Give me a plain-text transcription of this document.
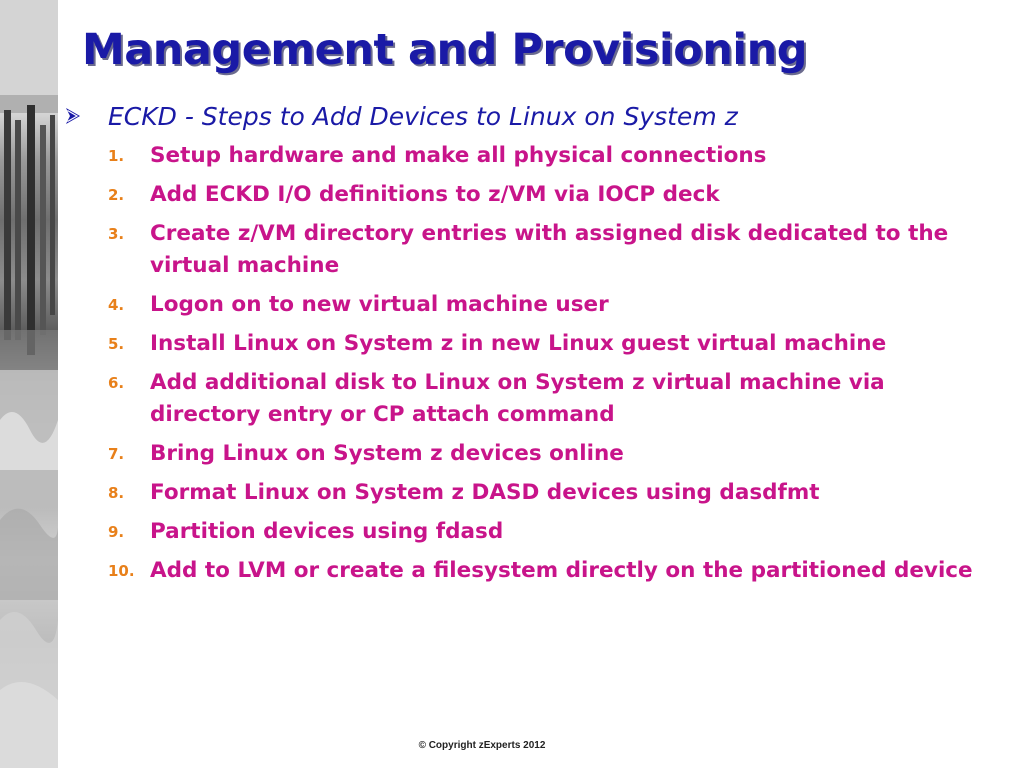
Management and Provisioning
ECKD - Steps to Add Devices to Linux on System z
1.	Setup hardware and make all physical connections
2.	Add ECKD I/O definitions to z/VM via IOCP deck
3.	Create z/VM directory entries with assigned disk dedicated to the virtual machine
4.	Logon on to new virtual machine user
5.	Install Linux on System z in new Linux guest virtual machine
6.	Add additional disk to Linux on System z virtual machine via directory entry or CP attach command
7.	Bring Linux on System z devices online
8.	Format Linux on System z DASD devices using dasdfmt
9.	Partition devices using fdasd
10. Add to LVM or create a filesystem directly on the partitioned device
© Copyright zExperts 2012
